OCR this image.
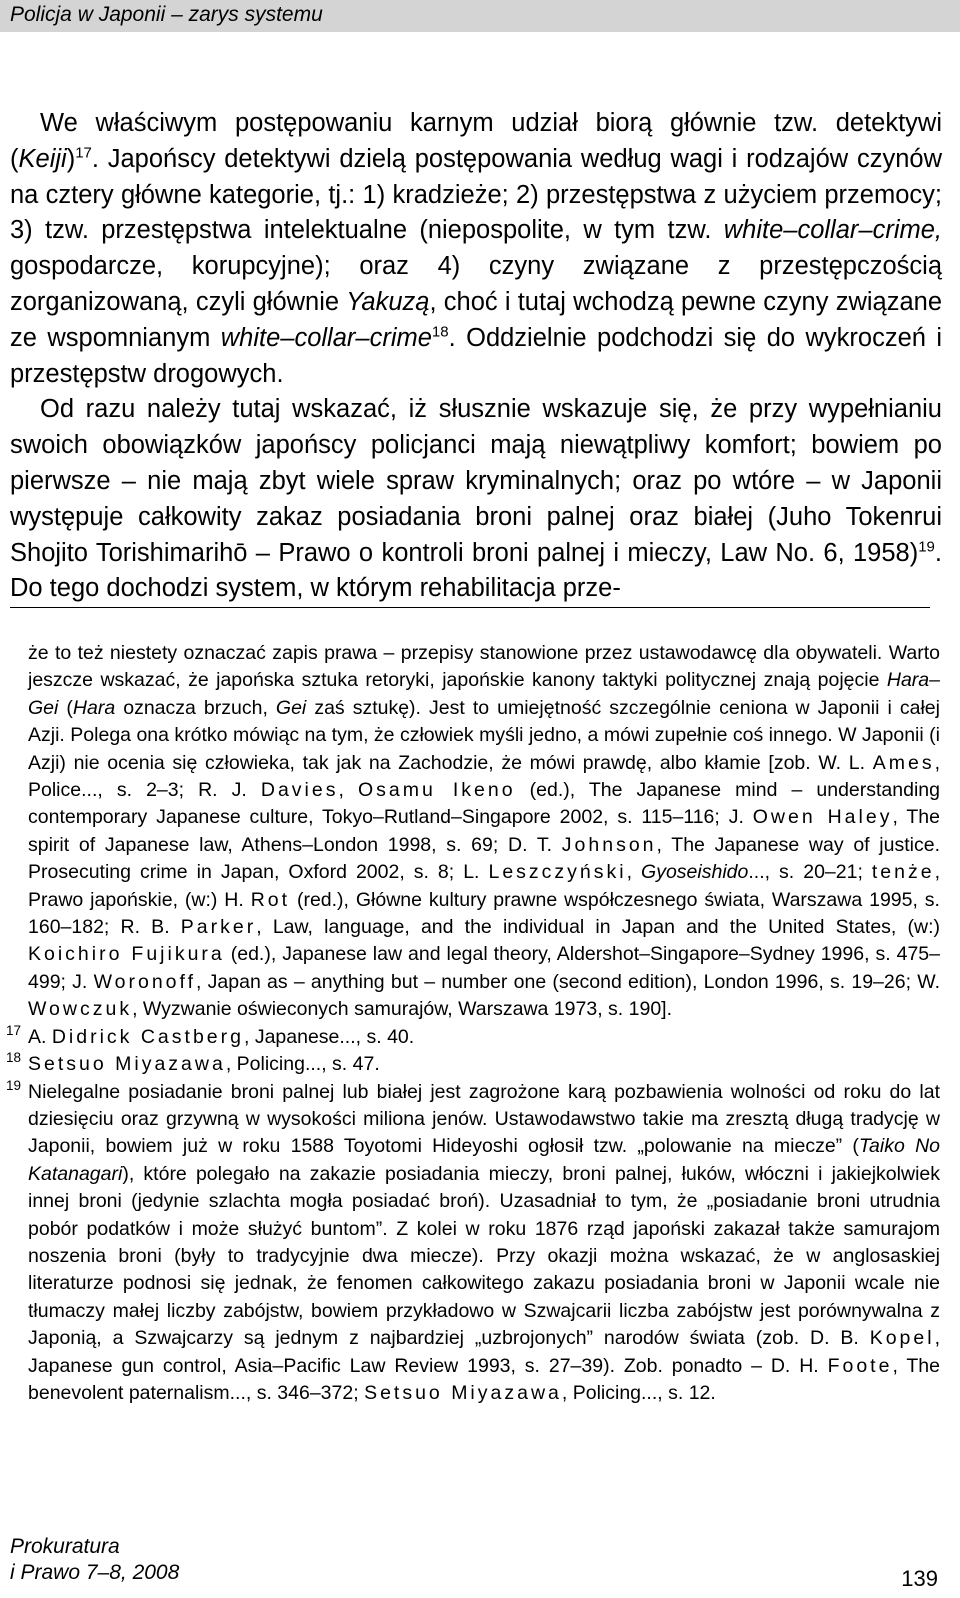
Policja w Japonii – zarys systemu

We właściwym postępowaniu karnym udział biorą głównie tzw. detektywi (Keiji)$^{17}$. Japońscy detektywi dzielą postępowania według wagi i rodzajów czynów na cztery główne kategorie, tj.: 1) kradzieże; 2) przestępstwa z użyciem przemocy; 3) tzw. przestępstwa intelektualne (niepospolite, w tym tzw. white–collar–crime, gospodarcze, korupcyjne); oraz 4) czyny związane z przestępczością zorganizowaną, czyli głównie Yakuzą, choć i tutaj wchodzą pewne czyny związane ze wspomnianym white–collar–crime$^{18}$. Oddzielnie podchodzi się do wykroczeń i przestępstw drogowych.

Od razu należy tutaj wskazać, iż słusznie wskazuje się, że przy wypełnianiu swoich obowiązków japońscy policjanci mają niewątpliwy komfort; bowiem po pierwsze – nie mają zbyt wiele spraw kryminalnych; oraz po wtóre – w Japonii występuje całkowity zakaz posiadania broni palnej oraz białej (Juho Tokenrui Shojito Torishimarihō – Prawo o kontroli broni palnej i mieczy, Law No. 6, 1958)$^{19}$. Do tego dochodzi system, w którym rehabilitacja prze-

że to też niestety oznaczać zapis prawa – przepisy stanowione przez ustawodawcę dla obywateli. Warto jeszcze wskazać, że japońska sztuka retoryki, japońskie kanony taktyki politycznej znają pojęcie Hara–Gei (Hara oznacza brzuch, Gei zaś sztukę). Jest to umiejętność szczególnie ceniona w Japonii i całej Azji. Polega ona krótko mówiąc na tym, że człowiek myśli jedno, a mówi zupełnie coś innego. W Japonii (i Azji) nie ocenia się człowieka, tak jak na Zachodzie, że mówi prawdę, albo kłamie [zob. W. L. Ames, Police..., s. 2–3; R. J. Davies, Osamu Ikeno (ed.), The Japanese mind – understanding contemporary Japanese culture, Tokyo–Rutland–Singapore 2002, s. 115–116; J. Owen Haley, The spirit of Japanese law, Athens–London 1998, s. 69; D. T. Johnson, The Japanese way of justice. Prosecuting crime in Japan, Oxford 2002, s. 8; L. Leszczyński, Gyoseishido..., s. 20–21; tenże, Prawo japońskie, (w:) H. Rot (red.), Główne kultury prawne współczesnego świata, Warszawa 1995, s. 160–182; R. B. Parker, Law, language, and the individual in Japan and the United States, (w:) Koichiro Fujikura (ed.), Japanese law and legal theory, Aldershot–Singapore–Sydney 1996, s. 475–499; J. Woronoff, Japan as – anything but – number one (second edition), London 1996, s. 19–26; W. Wowczuk, Wyzwanie oświeconych samurajów, Warszawa 1973, s. 190].

17 A. Didrick Castberg, Japanese..., s. 40.

18 Setsuo Miyazawa, Policing..., s. 47.

19 Nielegalne posiadanie broni palnej lub białej jest zagrożone karą pozbawienia wolności od roku do lat dziesięciu oraz grzywną w wysokości miliona jenów. Ustawodawstwo takie ma zresztą długą tradycję w Japonii, bowiem już w roku 1588 Toyotomi Hideyoshi ogłosił tzw. „polowanie na miecze” (Taiko No Katanagari), które polegało na zakazie posiadania mieczy, broni palnej, łuków, włóczni i jakiejkolwiek innej broni (jedynie szlachta mogła posiadać broń). Uzasadniał to tym, że „posiadanie broni utrudnia pobór podatków i może służyć buntom”. Z kolei w roku 1876 rząd japoński zakazał także samurajom noszenia broni (były to tradycyjnie dwa miecze). Przy okazji można wskazać, że w anglosaskiej literaturze podnosi się jednak, że fenomen całkowitego zakazu posiadania broni w Japonii wcale nie tłumaczy małej liczby zabójstw, bowiem przykładowo w Szwajcarii liczba zabójstw jest porównywalna z Japonią, a Szwajcarzy są jednym z najbardziej „uzbrojonych” narodów świata (zob. D. B. Kopel, Japanese gun control, Asia–Pacific Law Review 1993, s. 27–39). Zob. ponadto – D. H. Foote, The benevolent paternalism..., s. 346–372; Setsuo Miyazawa, Policing..., s. 12.

Prokuratura
i Prawo 7–8, 2008	139
